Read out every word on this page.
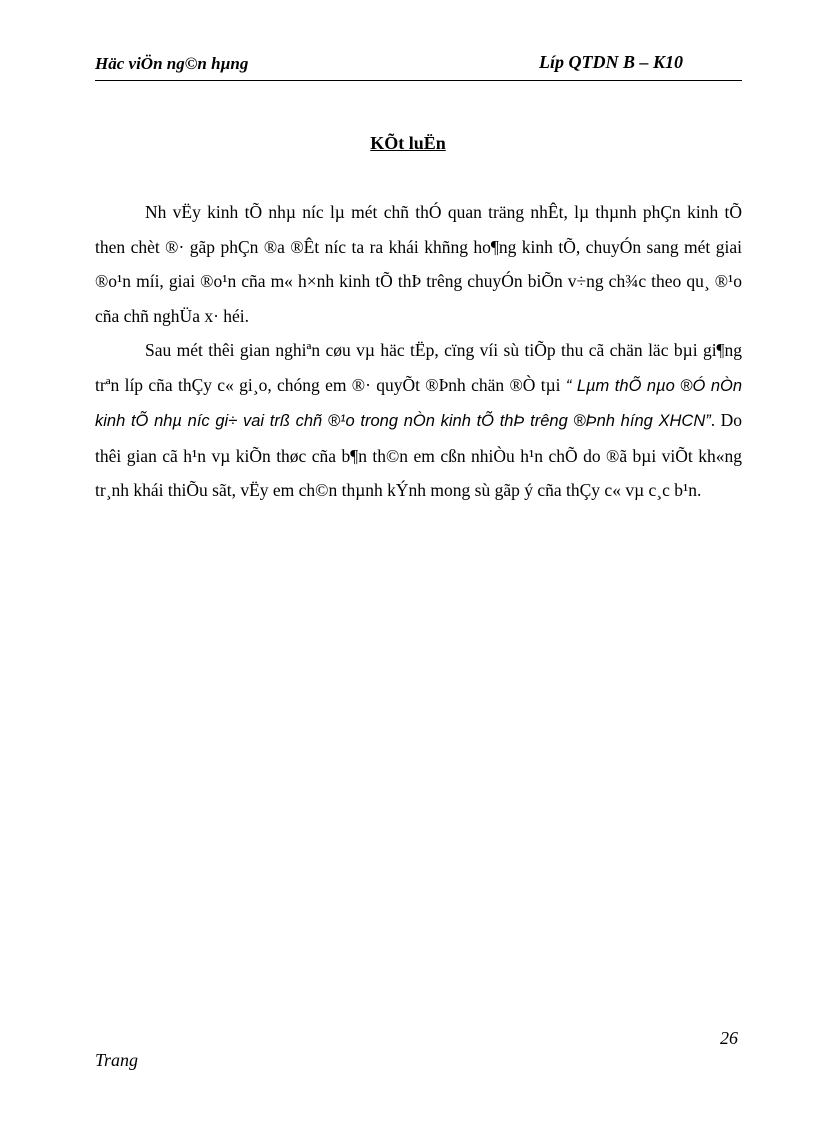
Häc viÖn ng©n hµng	Líp QTDN B – K10
KÕt luËn

Nh vËy kinh tÕ nhµ níc lµ mét chñ thÓ quan träng nhÊt, lµ thµnh phÇn kinh tÕ then chèt ®· gãp phÇn ®a ®Êt níc ta ra khái khñng ho¶ng kinh tÕ, chuyÓn sang mét giai ®o¹n míi, giai ®o¹n cña m« h×nh kinh tÕ thÞ trêng chuyÓn biÕn v÷ng ch¾c theo qu¸ ®¹o cña chñ nghÜa x· héi.

Sau mét thêi gian nghiªn cøu vµ häc tËp, cïng víi sù tiÕp thu cã chän läc bµi gi¶ng trªn líp cña thÇy c« gi¸o, chóng em ®· quyÕt ®Þnh chän ®Ò tµi “ Lµm thÕ nµo ®Ó nÒn kinh tÕ nhµ níc gi÷ vai trß chñ ®¹o trong nÒn kinh tÕ thÞ trêng ®Þnh híng XHCN”. Do thêi gian cã h¹n vµ kiÕn thøc cña b¶n th©n em cßn nhiÒu h¹n chÕ do ®ã bµi viÕt kh«ng tr¸nh khái thiÕu sãt, vËy em ch©n thµnh kÝnh mong sù gãp ý cña thÇy c« vµ c¸c b¹n.

26
Trang
